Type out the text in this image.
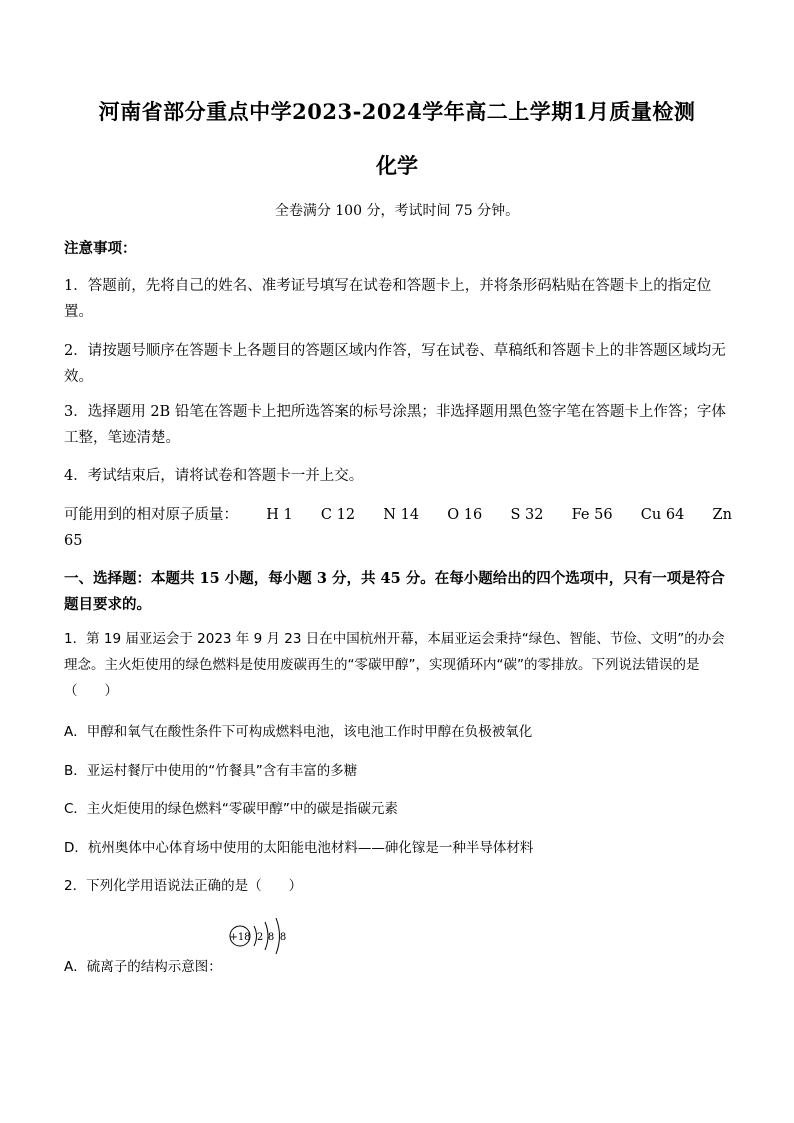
河南省部分重点中学2023-2024学年高二上学期1月质量检测
化学
全卷满分 100 分，考试时间 75 分钟。
注意事项：
1．答题前，先将自己的姓名、准考证号填写在试卷和答题卡上，并将条形码粘贴在答题卡上的指定位置。
2．请按题号顺序在答题卡上各题目的答题区域内作答，写在试卷、草稿纸和答题卡上的非答题区域均无效。
3．选择题用 2B 铅笔在答题卡上把所选答案的标号涂黑；非选择题用黑色签字笔在答题卡上作答；字体工整，笔迹清楚。
4．考试结束后，请将试卷和答题卡一并上交。
可能用到的相对原子质量： H 1 C 12 N 14 O 16 S 32 Fe 56 Cu 64 Zn
65
一、选择题：本题共 15 小题，每小题 3 分，共 45 分。在每小题给出的四个选项中，只有一项是符合题目要求的。
1．第 19 届亚运会于 2023 年 9 月 23 日在中国杭州开幕，本届亚运会秉持“绿色、智能、节俭、文明”的办会理念。主火炬使用的绿色燃料是使用废碳再生的“零碳甲醇”，实现循环内“碳”的零排放。下列说法错误的是（　　）
A．甲醇和氧气在酸性条件下可构成燃料电池，该电池工作时甲醇在负极被氧化
B．亚运村餐厅中使用的“竹餐具”含有丰富的多糖
C．主火炬使用的绿色燃料“零碳甲醇”中的碳是指碳元素
D．杭州奥体中心体育场中使用的太阳能电池材料——砷化镓是一种半导体材料
2．下列化学用语说法正确的是（　　）
A．硫离子的结构示意图：
+18 2 8 8
